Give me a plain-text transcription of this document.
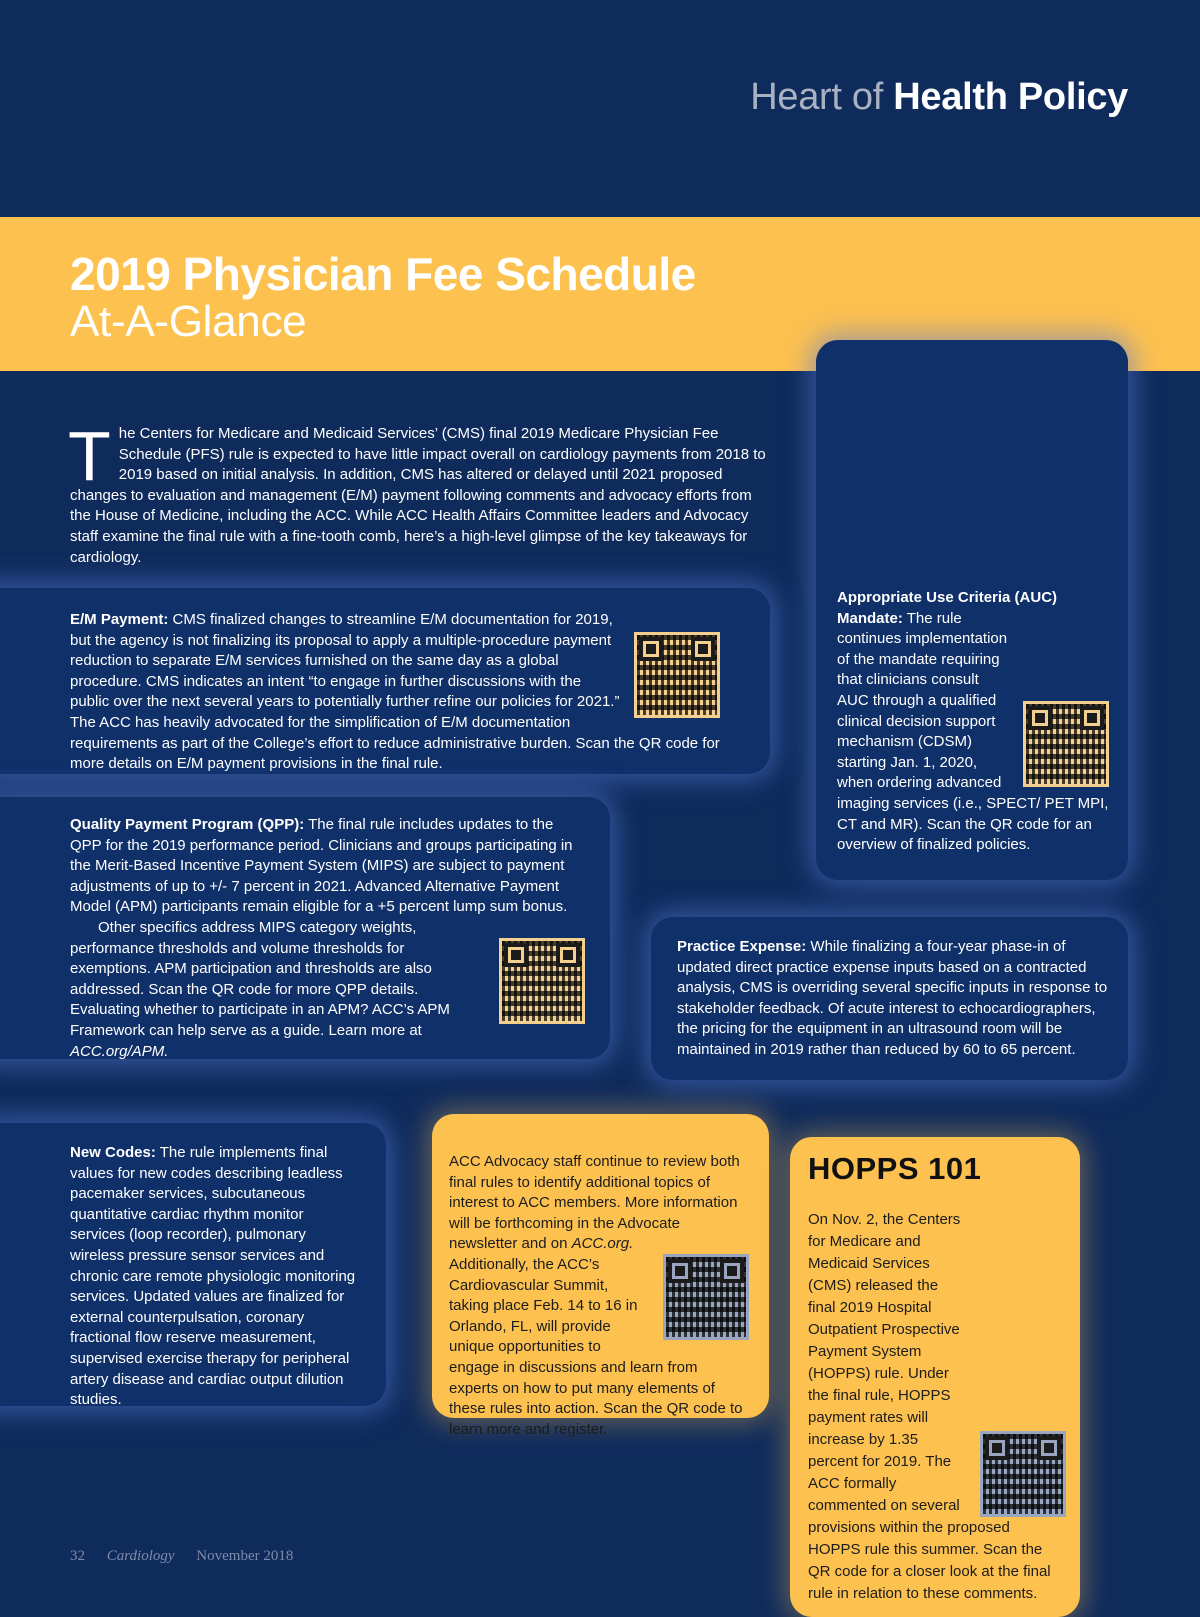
Heart of Health Policy
2019 Physician Fee Schedule
At-A-Glance
Appropriate Use Criteria (AUC) Mandate:
The rule continues implementation of the mandate requiring that clinicians consult AUC through a qualified clinical decision support mechanism (CDSM) starting Jan. 1, 2020, when ordering advanced imaging services (i.e., SPECT/ PET MPI, CT and MR). Scan the QR code for an overview of finalized policies.
The Centers for Medicare and Medicaid Services’ (CMS) final 2019 Medicare Physician Fee Schedule (PFS) rule is expected to have little impact overall on cardiology payments from 2018 to 2019 based on initial analysis. In addition, CMS has altered or delayed until 2021 proposed changes to evaluation and management (E/M) payment following comments and advocacy efforts from the House of Medicine, including the ACC. While ACC Health Affairs Committee leaders and Advocacy staff examine the final rule with a fine-tooth comb, here’s a high-level glimpse of the key takeaways for cardiology.
E/M Payment:
CMS finalized changes to streamline E/M documentation for 2019, but the agency is not finalizing its proposal to apply a multiple-procedure payment reduction to separate E/M services furnished on the same day as a global procedure. CMS indicates an intent “to engage in further discussions with the public over the next several years to potentially further refine our policies for 2021.” The ACC has heavily advocated for the simplification of E/M documentation requirements as part of the College’s effort to reduce administrative burden. Scan the QR code for more details on E/M payment provisions in the final rule.
Quality Payment Program (QPP): The final rule includes updates to the QPP for the 2019 performance period. Clinicians and groups participating in the Merit-Based Incentive Payment System (MIPS) are subject to payment adjustments of up to +/- 7 percent in 2021. Advanced Alternative Payment Model (APM) participants remain eligible for a +5 percent lump sum bonus.

Other specifics address MIPS category weights, performance thresholds and volume thresholds for exemptions. APM participation and thresholds are also addressed. Scan the QR code for more QPP details. Evaluating whether to participate in an APM? ACC’s APM Framework can help serve as a guide. Learn more at ACC.org/APM.
Practice Expense: While finalizing a four-year phase-in of updated direct practice expense inputs based on a contracted analysis, CMS is overriding several specific inputs in response to stakeholder feedback. Of acute interest to echocardiographers, the pricing for the equipment in an ultrasound room will be maintained in 2019 rather than reduced by 60 to 65 percent.
New Codes: The rule implements final values for new codes describing leadless pacemaker services, subcutaneous quantitative cardiac rhythm monitor services (loop recorder), pulmonary wireless pressure sensor services and chronic care remote physiologic monitoring services. Updated values are finalized for external counterpulsation, coronary fractional flow reserve measurement, supervised exercise therapy for peripheral artery disease and cardiac output dilution studies.
ACC Advocacy staff continue to review both final rules to identify additional topics of interest to ACC members. More information will be forthcoming in the Advocate newsletter and on ACC.org.
Additionally, the ACC’s Cardiovascular Summit, taking place Feb. 14 to 16 in Orlando, FL, will provide unique opportunities to engage in discussions and learn from experts on how to put many elements of these rules into action. Scan the QR code to learn more and register.
HOPPS 101
On Nov. 2, the Centers for Medicare and Medicaid Services (CMS) released the final 2019 Hospital Outpatient Prospective Payment System (HOPPS) rule. Under the final rule, HOPPS payment rates will increase by 1.35 percent for 2019. The ACC formally commented on several provisions within the proposed HOPPS rule this summer. Scan the QR code for a closer look at the final rule in relation to these comments.
32 Cardiology November 2018
